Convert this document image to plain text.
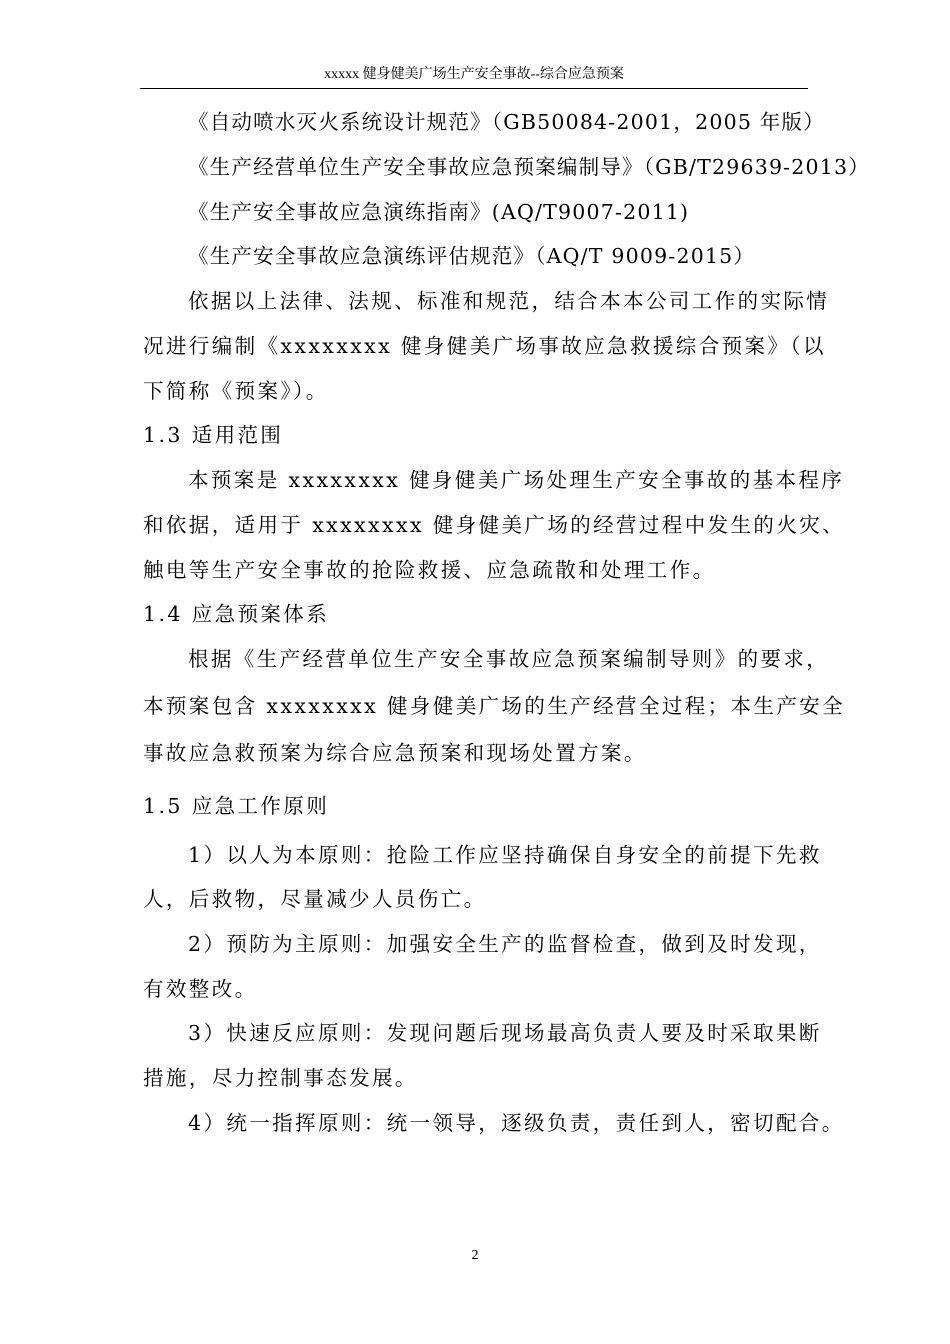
xxxxx 健身健美广场生产安全事故--综合应急预案
《自动喷水灭火系统设计规范》（GB50084-2001，2005 年版）
《生产经营单位生产安全事故应急预案编制导》（GB/T29639-2013）
《生产安全事故应急演练指南》(AQ/T9007-2011)
《生产安全事故应急演练评估规范》（AQ/T 9009-2015）
依据以上法律、法规、标准和规范，结合本本公司工作的实际情
况进行编制《xxxxxxxx 健身健美广场事故应急救援综合预案》（以
下简称《预案》）。
1.3 适用范围
本预案是 xxxxxxxx 健身健美广场处理生产安全事故的基本程序
和依据，适用于 xxxxxxxx 健身健美广场的经营过程中发生的火灾、
触电等生产安全事故的抢险救援、应急疏散和处理工作。
1.4 应急预案体系
根据《生产经营单位生产安全事故应急预案编制导则》的要求，
本预案包含 xxxxxxxx 健身健美广场的生产经营全过程；本生产安全
事故应急救预案为综合应急预案和现场处置方案。
1.5 应急工作原则
1）以人为本原则：抢险工作应坚持确保自身安全的前提下先救
人，后救物，尽量减少人员伤亡。
2）预防为主原则：加强安全生产的监督检查，做到及时发现，
有效整改。
3）快速反应原则：发现问题后现场最高负责人要及时采取果断
措施，尽力控制事态发展。
4）统一指挥原则：统一领导，逐级负责，责任到人，密切配合。
2
